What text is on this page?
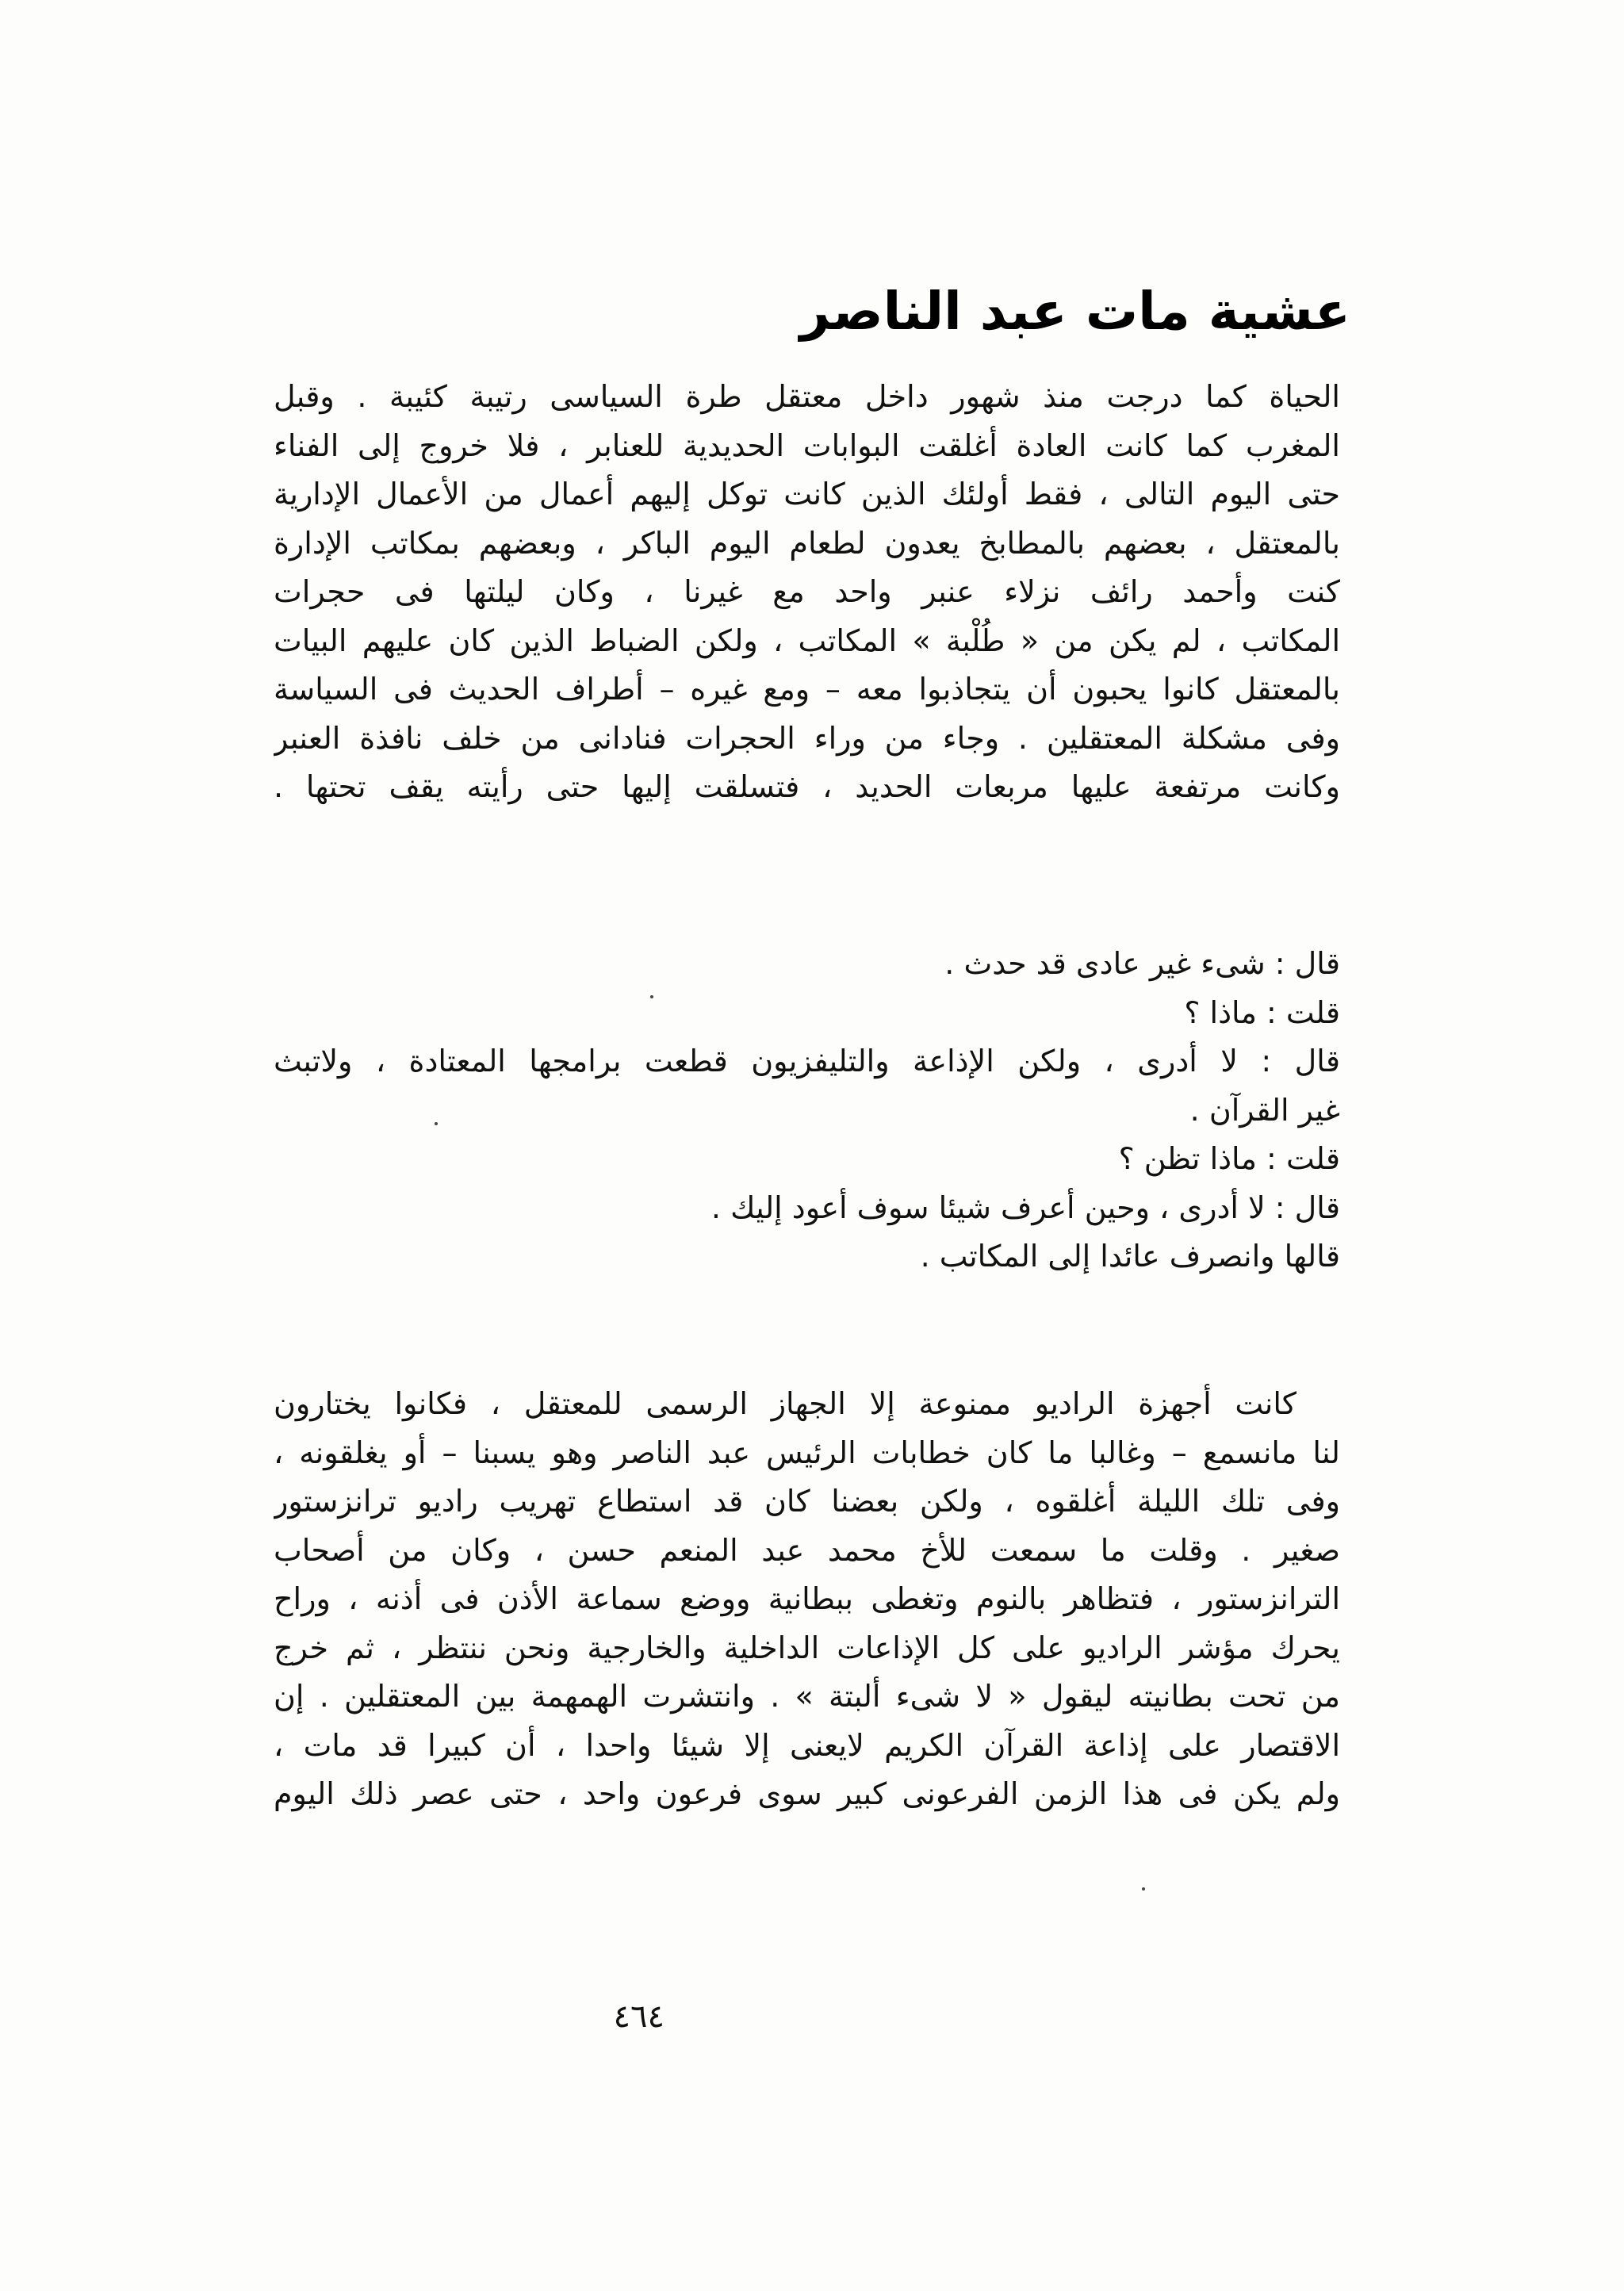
عشية مات عبد الناصر
الحياة كما درجت منذ شهور داخل معتقل طرة السياسى رتيبة كئيبة . وقبل
المغرب كما كانت العادة أغلقت البوابات الحديدية للعنابر ، فلا خروج إلى الفناء
حتى اليوم التالى ، فقط أولئك الذين كانت توكل إليهم أعمال من الأعمال الإدارية
بالمعتقل ، بعضهم بالمطابخ يعدون لطعام اليوم الباكر ، وبعضهم بمكاتب الإدارة
كنت وأحمد رائف نزلاء عنبر واحد مع غيرنا ، وكان ليلتها فى حجرات
المكاتب ، لم يكن من « طُلْبة » المكاتب ، ولكن الضباط الذين كان عليهم البيات
بالمعتقل كانوا يحبون أن يتجاذبوا معه – ومع غيره – أطراف الحديث فى السياسة
وفى مشكلة المعتقلين . وجاء من وراء الحجرات فنادانى من خلف نافذة العنبر
وكانت مرتفعة عليها مربعات الحديد ، فتسلقت إليها حتى رأيته يقف تحتها .
قال : شىء غير عادى قد حدث .
قلت : ماذا ؟
قال : لا أدرى ، ولكن الإذاعة والتليفزيون قطعت برامجها المعتادة ، ولاتبث
غير القرآن .
قلت : ماذا تظن ؟
قال : لا أدرى ، وحين أعرف شيئا سوف أعود إليك .
قالها وانصرف عائدا إلى المكاتب .
كانت أجهزة الراديو ممنوعة إلا الجهاز الرسمى للمعتقل ، فكانوا يختارون
لنا مانسمع – وغالبا ما كان خطابات الرئيس عبد الناصر وهو يسبنا – أو يغلقونه ،
وفى تلك الليلة أغلقوه ، ولكن بعضنا كان قد استطاع تهريب راديو ترانزستور
صغير . وقلت ما سمعت للأخ محمد عبد المنعم حسن ، وكان من أصحاب
الترانزستور ، فتظاهر بالنوم وتغطى ببطانية ووضع سماعة الأذن فى أذنه ، وراح
يحرك مؤشر الراديو على كل الإذاعات الداخلية والخارجية ونحن ننتظر ، ثم خرج
من تحت بطانيته ليقول « لا شىء ألبتة » . وانتشرت الهمهمة بين المعتقلين . إن
الاقتصار على إذاعة القرآن الكريم لايعنى إلا شيئا واحدا ، أن كبيرا قد مات ،
ولم يكن فى هذا الزمن الفرعونى كبير سوى فرعون واحد ، حتى عصر ذلك اليوم
٤٦٤
